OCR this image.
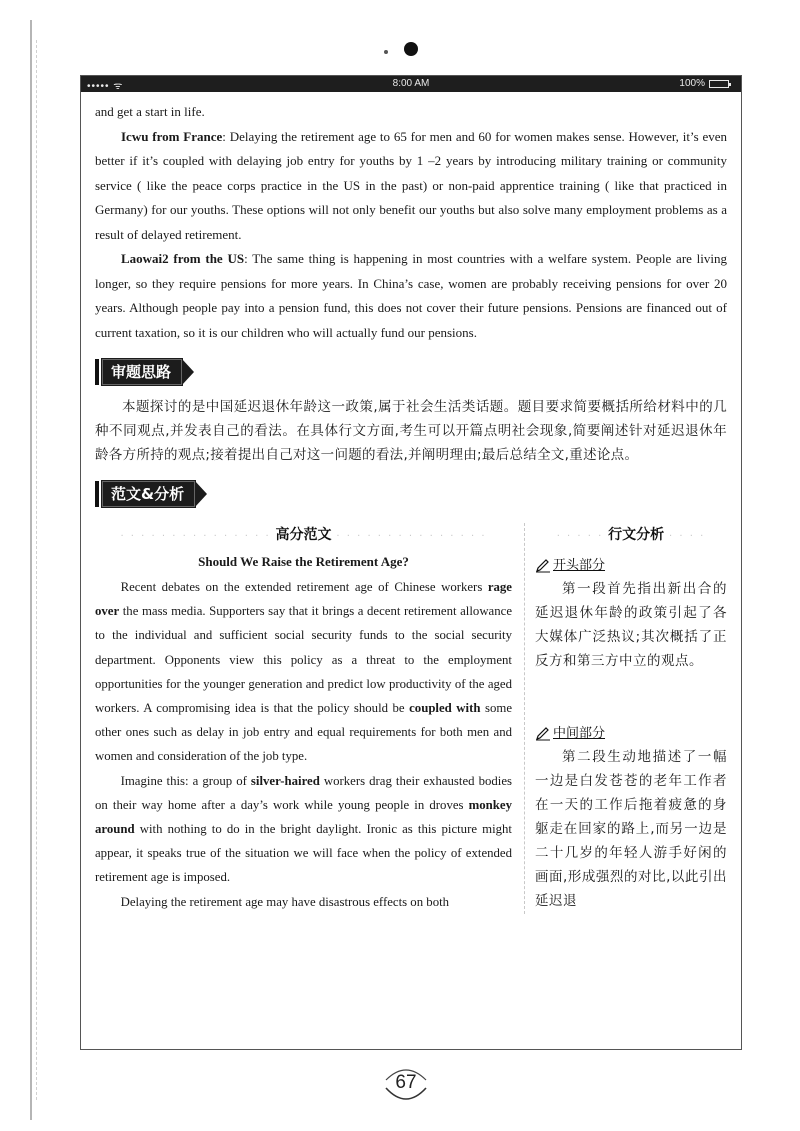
••••• ᯤ	8:00 AM	100%

and get a start in life.

Icwu from France: Delaying the retirement age to 65 for men and 60 for women makes sense. However, it’s even better if it’s coupled with delaying job entry for youths by 1 –2 years by introducing military training or community service ( like the peace corps practice in the US in the past) or non-paid apprentice training ( like that practiced in Germany) for our youths. These options will not only benefit our youths but also solve many employment problems as a result of delayed retirement.

Laowai2 from the US: The same thing is happening in most countries with a welfare system. People are living longer, so they require pensions for more years. In China’s case, women are probably receiving pensions for over 20 years. Although people pay into a pension fund, this does not cover their future pensions. Pensions are financed out of current taxation, so it is our children who will actually fund our pensions.

审题思路

本题探讨的是中国延迟退休年龄这一政策,属于社会生活类话题。题目要求简要概括所给材料中的几种不同观点,并发表自己的看法。在具体行文方面,考生可以开篇点明社会现象,简要阐述针对延迟退休年龄各方所持的观点;接着提出自己对这一问题的看法,并阐明理由;最后总结全文,重述论点。

范文&分析
· · · · · · · · · · · · · · · 高分范文 · · · · · · · · · · · · · · ·
Should We Raise the Retirement Age?

Recent debates on the extended retirement age of Chinese workers rage over the mass media. Supporters say that it brings a decent retirement allowance to the individual and sufficient social security funds to the social security department. Opponents view this policy as a threat to the employment opportunities for the younger generation and predict low productivity of the aged workers. A compromising idea is that the policy should be coupled with some other ones such as delay in job entry and equal requirements for both men and women and consideration of the job type.

Imagine this: a group of silver-haired workers drag their exhausted bodies on their way home after a day’s work while young people in droves monkey around with nothing to do in the bright daylight. Ironic as this picture might appear, it speaks true of the situation we will face when the policy of extended retirement age is imposed.

Delaying the retirement age may have disastrous effects on both

· · · · · 行文分析 · · · ·
开头部分

第一段首先指出新出合的延迟退休年龄的政策引起了各大媒体广泛热议;其次概括了正反方和第三方中立的观点。

中间部分

第二段生动地描述了一幅一边是白发苍苍的老年工作者在一天的工作后拖着疲惫的身躯走在回家的路上,而另一边是二十几岁的年轻人游手好闲的画面,形成强烈的对比,以此引出延迟退

67
